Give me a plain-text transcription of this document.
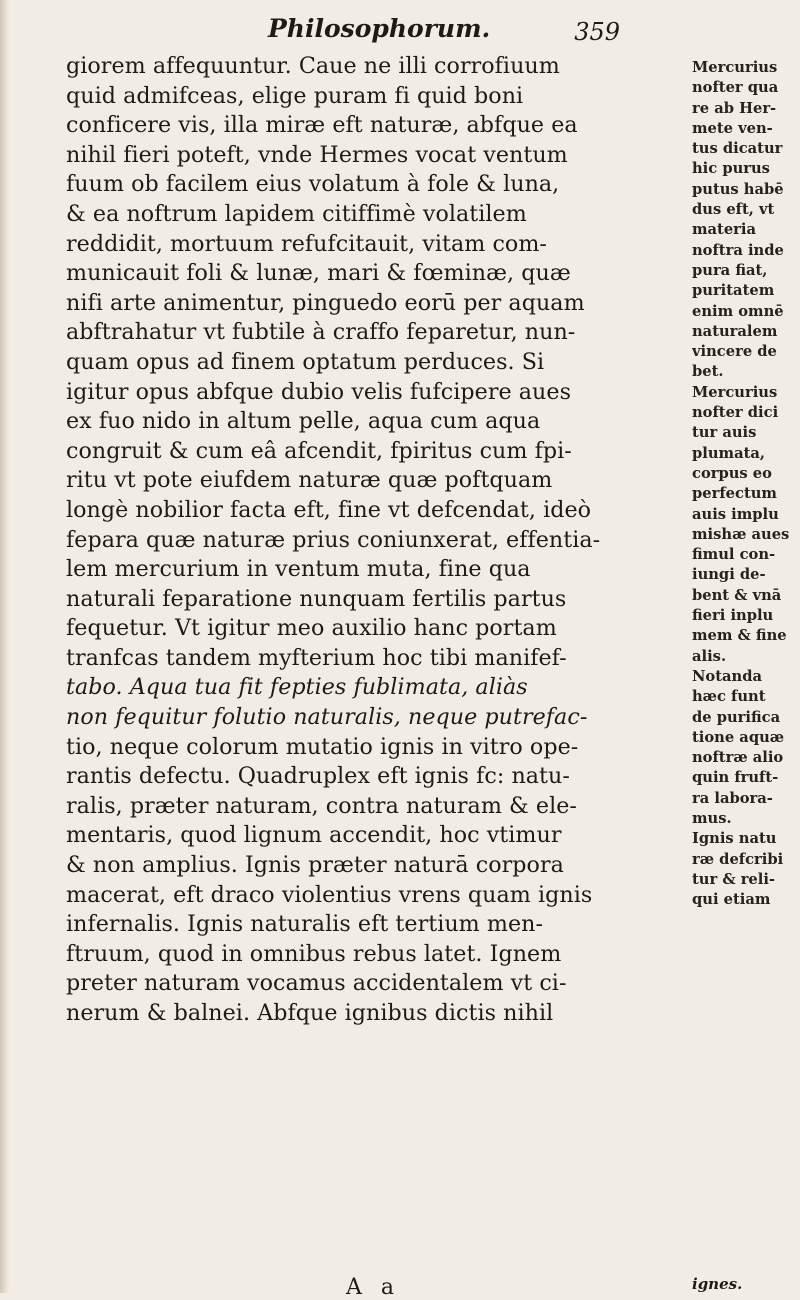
Philosophorum.	359
giorem affequuntur. Caue ne illi corrofiuum
quid admifceas, elige puram fi quid boni
conficere vis, illa miræ eft naturæ, abfque ea
nihil fieri poteft, vnde Hermes vocat ventum
fuum ob facilem eius volatum à fole & luna,
& ea noftrum lapidem citiffimè volatilem
reddidit, mortuum refufcitauit, vitam com-
municauit foli & lunæ, mari & fœminæ, quæ
nifi arte animentur, pinguedo eorū per aquam
abftrahatur vt fubtile à craffo feparetur, nun-
quam opus ad finem optatum perduces. Si
igitur opus abfque dubio velis fufcipere aues
ex fuo nido in altum pelle, aqua cum aqua
congruit & cum eâ afcendit, fpiritus cum fpi-
ritu vt pote eiufdem naturæ quæ poftquam
longè nobilior facta eft, fine vt defcendat, ideò
fepara quæ naturæ prius coniunxerat, effentia-
lem mercurium in ventum muta, fine qua
naturali feparatione nunquam fertilis partus
fequetur. Vt igitur meo auxilio hanc portam
tranfcas tandem myfterium hoc tibi manifef-
tabo. Aqua tua fit fepties fublimata, aliàs
non fequitur folutio naturalis, neque putrefac-
tio, neque colorum mutatio ignis in vitro ope-
rantis defectu. Quadruplex eft ignis fc: natu-
ralis, præter naturam, contra naturam & ele-
mentaris, quod lignum accendit, hoc vtimur
& non amplius. Ignis præter naturā corpora
macerat, eft draco violentius vrens quam ignis
infernalis. Ignis naturalis eft tertium men-
ftruum, quod in omnibus rebus latet. Ignem
preter naturam vocamus accidentalem vt ci-
nerum & balnei. Abfque ignibus dictis nihil
Mercurius
nofter qua
re ab Her-
mete ven-
tus dicatur
hic purus
putus habē
dus eft, vt
materia
noftra inde
pura fiat,
puritatem
enim omnē
naturalem
vincere de
bet.
Mercurius
nofter dici
tur auis
plumata,
corpus eo
perfectum
auis implu
mishæ aues
fimul con-
iungi de-
bent & vnā
fieri inplu
mem & fine
alis.
Notanda
hæc funt
de purifica
tione aquæ
noftræ alio
quin fruft-
ra labora-
mus.
Ignis natu
ræ defcribi
tur & reli-
qui etiam
A a	ignes.
